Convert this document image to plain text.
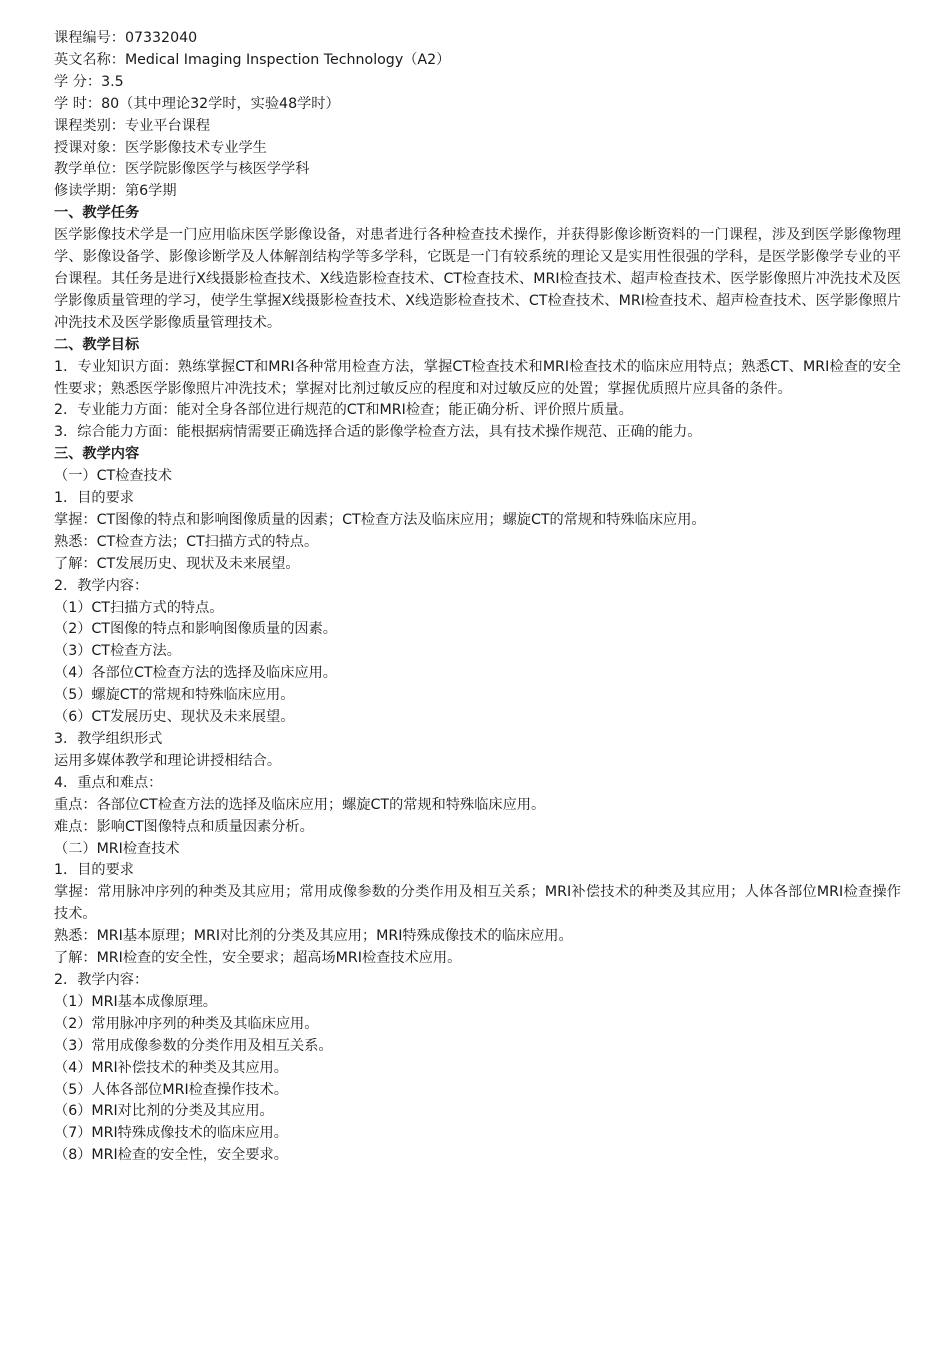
课程编号：07332040

英文名称：Medical Imaging Inspection Technology（A2）

学 分：3.5

学 时：80（其中理论32学时，实验48学时）

课程类别：专业平台课程

授课对象：医学影像技术专业学生

教学单位：医学院影像医学与核医学学科

修读学期：第6学期

一、教学任务

医学影像技术学是一门应用临床医学影像设备，对患者进行各种检查技术操作，并获得影像诊断资料的一门课程，涉及到医学影像物理学、影像设备学、影像诊断学及人体解剖结构学等多学科，它既是一门有较系统的理论又是实用性很强的学科，是医学影像学专业的平台课程。其任务是进行X线摄影检查技术、X线造影检查技术、CT检查技术、MRI检查技术、超声检查技术、医学影像照片冲洗技术及医学影像质量管理的学习，使学生掌握X线摄影检查技术、X线造影检查技术、CT检查技术、MRI检查技术、超声检查技术、医学影像照片冲洗技术及医学影像质量管理技术。

二、教学目标

1．专业知识方面：熟练掌握CT和MRI各种常用检查方法，掌握CT检查技术和MRI检查技术的临床应用特点；熟悉CT、MRI检查的安全性要求；熟悉医学影像照片冲洗技术；掌握对比剂过敏反应的程度和对过敏反应的处置；掌握优质照片应具备的条件。

2．专业能力方面：能对全身各部位进行规范的CT和MRI检查；能正确分析、评价照片质量。

3．综合能力方面：能根据病情需要正确选择合适的影像学检查方法，具有技术操作规范、正确的能力。

三、教学内容

（一）CT检查技术

1．目的要求

掌握：CT图像的特点和影响图像质量的因素；CT检查方法及临床应用；螺旋CT的常规和特殊临床应用。

熟悉：CT检查方法；CT扫描方式的特点。

了解：CT发展历史、现状及未来展望。

2．教学内容：

（1）CT扫描方式的特点。

（2）CT图像的特点和影响图像质量的因素。

（3）CT检查方法。

（4）各部位CT检查方法的选择及临床应用。

（5）螺旋CT的常规和特殊临床应用。

（6）CT发展历史、现状及未来展望。

3．教学组织形式

运用多媒体教学和理论讲授相结合。

4．重点和难点：

重点：各部位CT检查方法的选择及临床应用；螺旋CT的常规和特殊临床应用。

难点：影响CT图像特点和质量因素分析。

（二）MRI检查技术

1．目的要求

掌握：常用脉冲序列的种类及其应用；常用成像参数的分类作用及相互关系；MRI补偿技术的种类及其应用；人体各部位MRI检查操作技术。

熟悉：MRI基本原理；MRI对比剂的分类及其应用；MRI特殊成像技术的临床应用。

了解：MRI检查的安全性，安全要求；超高场MRI检查技术应用。

2．教学内容：

（1）MRI基本成像原理。

（2）常用脉冲序列的种类及其临床应用。

（3）常用成像参数的分类作用及相互关系。

（4）MRI补偿技术的种类及其应用。

（5）人体各部位MRI检查操作技术。

（6）MRI对比剂的分类及其应用。

（7）MRI特殊成像技术的临床应用。

（8）MRI检查的安全性，安全要求。
